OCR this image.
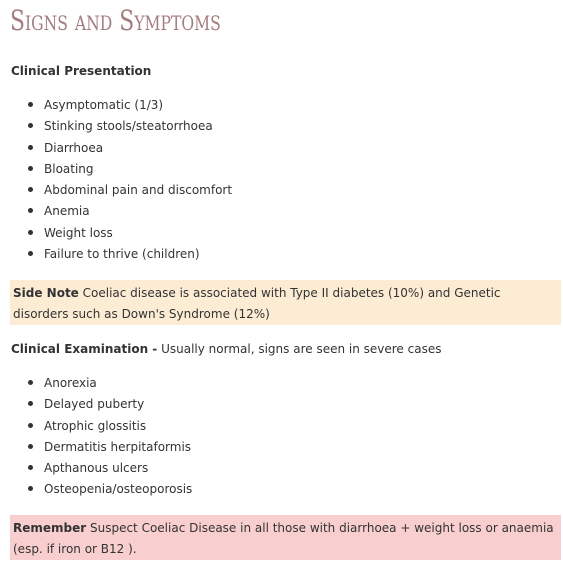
Signs and Symptoms
Clinical Presentation
Asymptomatic (1/3)
Stinking stools/steatorrhoea
Diarrhoea
Bloating
Abdominal pain and discomfort
Anemia
Weight loss
Failure to thrive (children)
Side Note Coeliac disease is associated with Type II diabetes (10%) and Genetic disorders such as Down's Syndrome (12%)
Clinical Examination - Usually normal, signs are seen in severe cases
Anorexia
Delayed puberty
Atrophic glossitis
Dermatitis herpitaformis
Apthanous ulcers
Osteopenia/osteoporosis
Remember Suspect Coeliac Disease in all those with diarrhoea + weight loss or anaemia (esp. if iron or B12 ).
